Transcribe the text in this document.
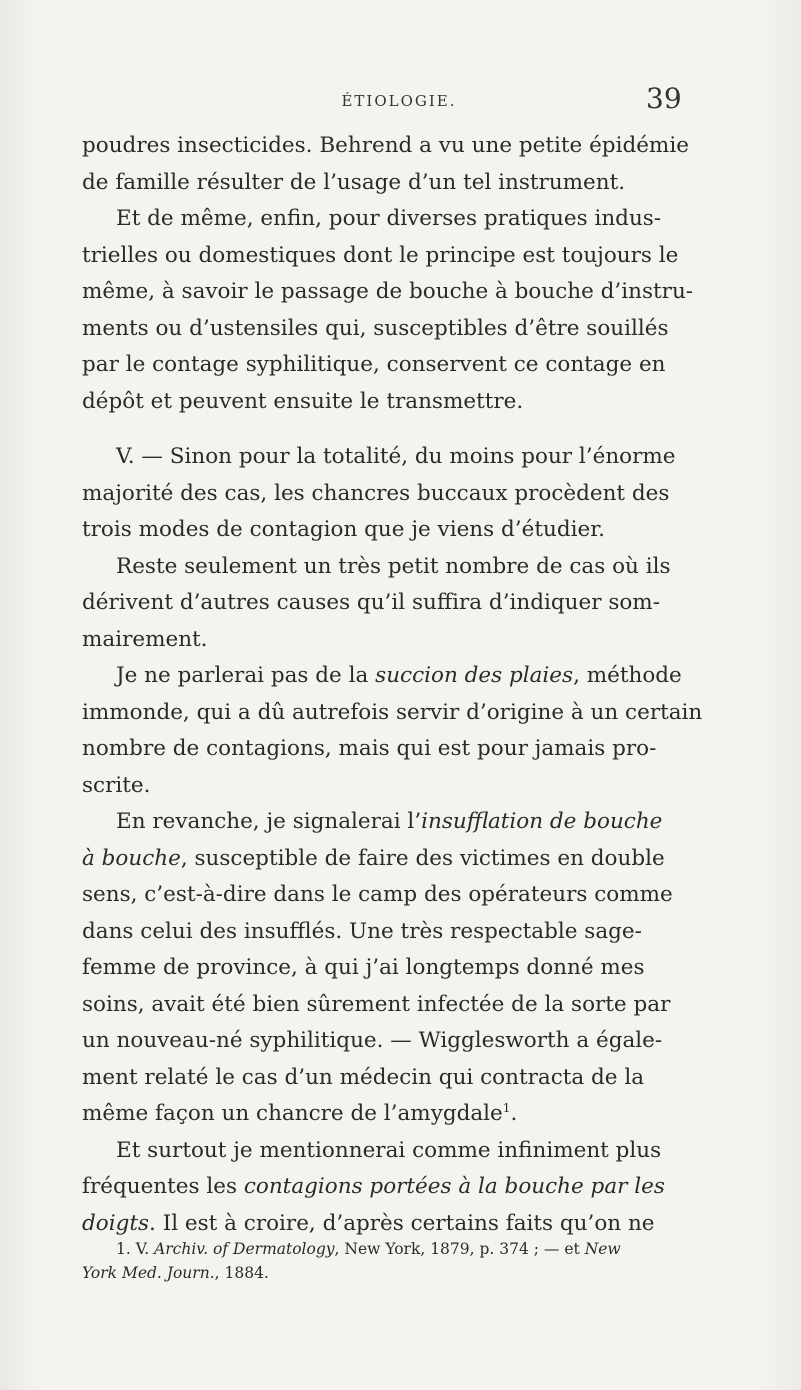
ÉTIOLOGIE.	39
poudres insecticides. Behrend a vu une petite épidémie
de famille résulter de l’usage d’un tel instrument.
Et de même, enfin, pour diverses pratiques indus-
trielles ou domestiques dont le principe est toujours le
même, à savoir le passage de bouche à bouche d’instru-
ments ou d’ustensiles qui, susceptibles d’être souillés
par le contage syphilitique, conservent ce contage en
dépôt et peuvent ensuite le transmettre.
V. — Sinon pour la totalité, du moins pour l’énorme
majorité des cas, les chancres buccaux procèdent des
trois modes de contagion que je viens d’étudier.
Reste seulement un très petit nombre de cas où ils
dérivent d’autres causes qu’il suffira d’indiquer som-
mairement.
Je ne parlerai pas de la succion des plaies, méthode
immonde, qui a dû autrefois servir d’origine à un certain
nombre de contagions, mais qui est pour jamais pro-
scrite.
En revanche, je signalerai l’insufflation de bouche
à bouche, susceptible de faire des victimes en double
sens, c’est-à-dire dans le camp des opérateurs comme
dans celui des insufflés. Une très respectable sage-
femme de province, à qui j’ai longtemps donné mes
soins, avait été bien sûrement infectée de la sorte par
un nouveau-né syphilitique. — Wigglesworth a égale-
ment relaté le cas d’un médecin qui contracta de la
même façon un chancre de l’amygdale$^1$.
Et surtout je mentionnerai comme infiniment plus
fréquentes les contagions portées à la bouche par les
doigts. Il est à croire, d’après certains faits qu’on ne
1. V. Archiv. of Dermatology, New York, 1879, p. 374 ; — et New
York Med. Journ., 1884.
